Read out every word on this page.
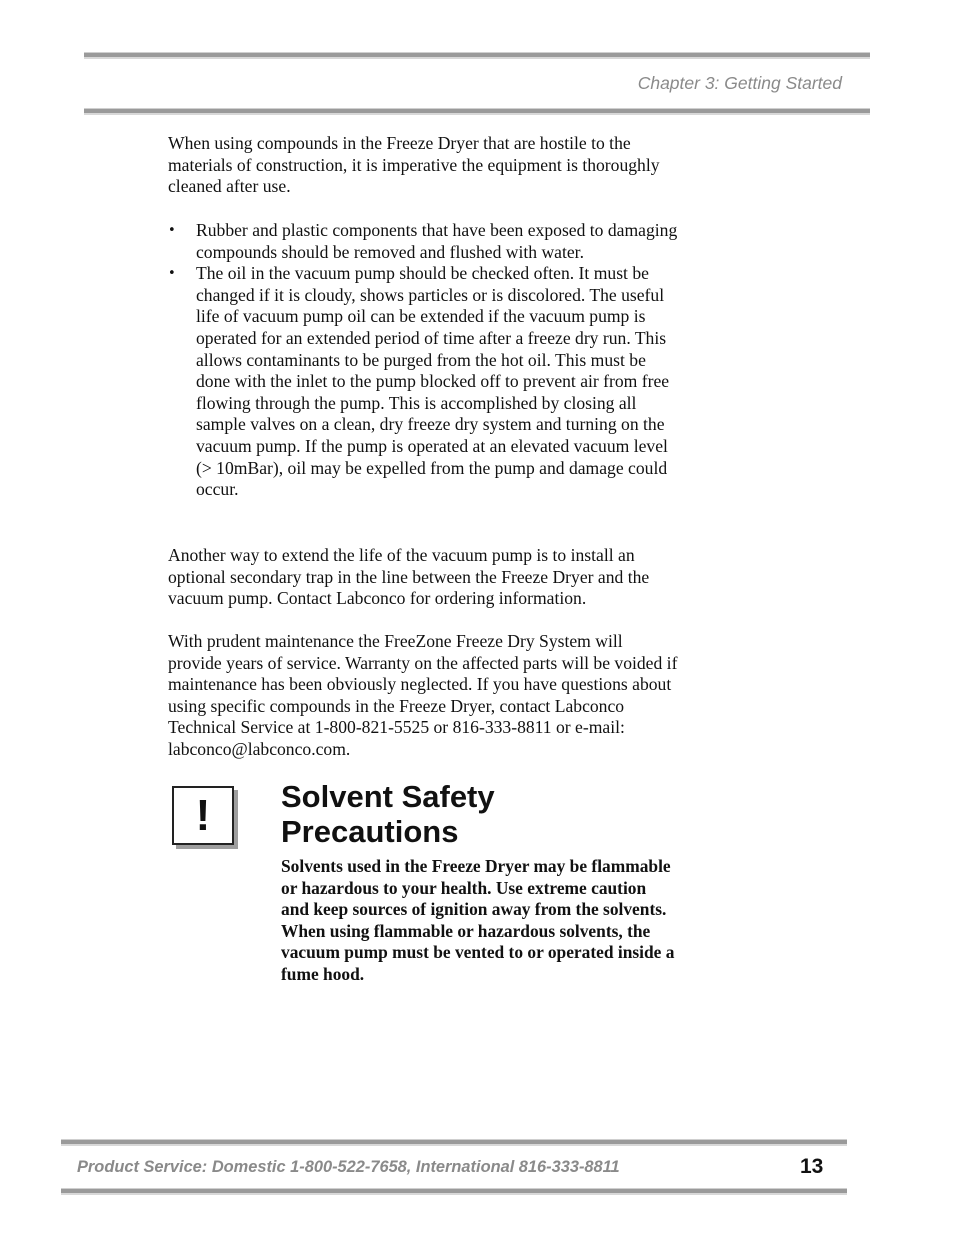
Chapter 3: Getting Started

When using compounds in the Freeze Dryer that are hostile to the materials of construction, it is imperative the equipment is thoroughly cleaned after use.

• Rubber and plastic components that have been exposed to damaging compounds should be removed and flushed with water.
• The oil in the vacuum pump should be checked often. It must be changed if it is cloudy, shows particles or is discolored. The useful life of vacuum pump oil can be extended if the vacuum pump is operated for an extended period of time after a freeze dry run. This allows contaminants to be purged from the hot oil. This must be done with the inlet to the pump blocked off to prevent air from free flowing through the pump. This is accomplished by closing all sample valves on a clean, dry freeze dry system and turning on the vacuum pump. If the pump is operated at an elevated vacuum level (> 10mBar), oil may be expelled from the pump and damage could occur.

Another way to extend the life of the vacuum pump is to install an optional secondary trap in the line between the Freeze Dryer and the vacuum pump. Contact Labconco for ordering information.

With prudent maintenance the FreeZone Freeze Dry System will provide years of service. Warranty on the affected parts will be voided if maintenance has been obviously neglected. If you have questions about using specific compounds in the Freeze Dryer, contact Labconco Technical Service at 1-800-821-5525 or 816-333-8811 or e-mail: labconco@labconco.com.

!	Solvent Safety
Precautions

Solvents used in the Freeze Dryer may be flammable or hazardous to your health. Use extreme caution and keep sources of ignition away from the solvents. When using flammable or hazardous solvents, the vacuum pump must be vented to or operated inside a fume hood.

Product Service: Domestic 1-800-522-7658, International 816-333-8811	13
